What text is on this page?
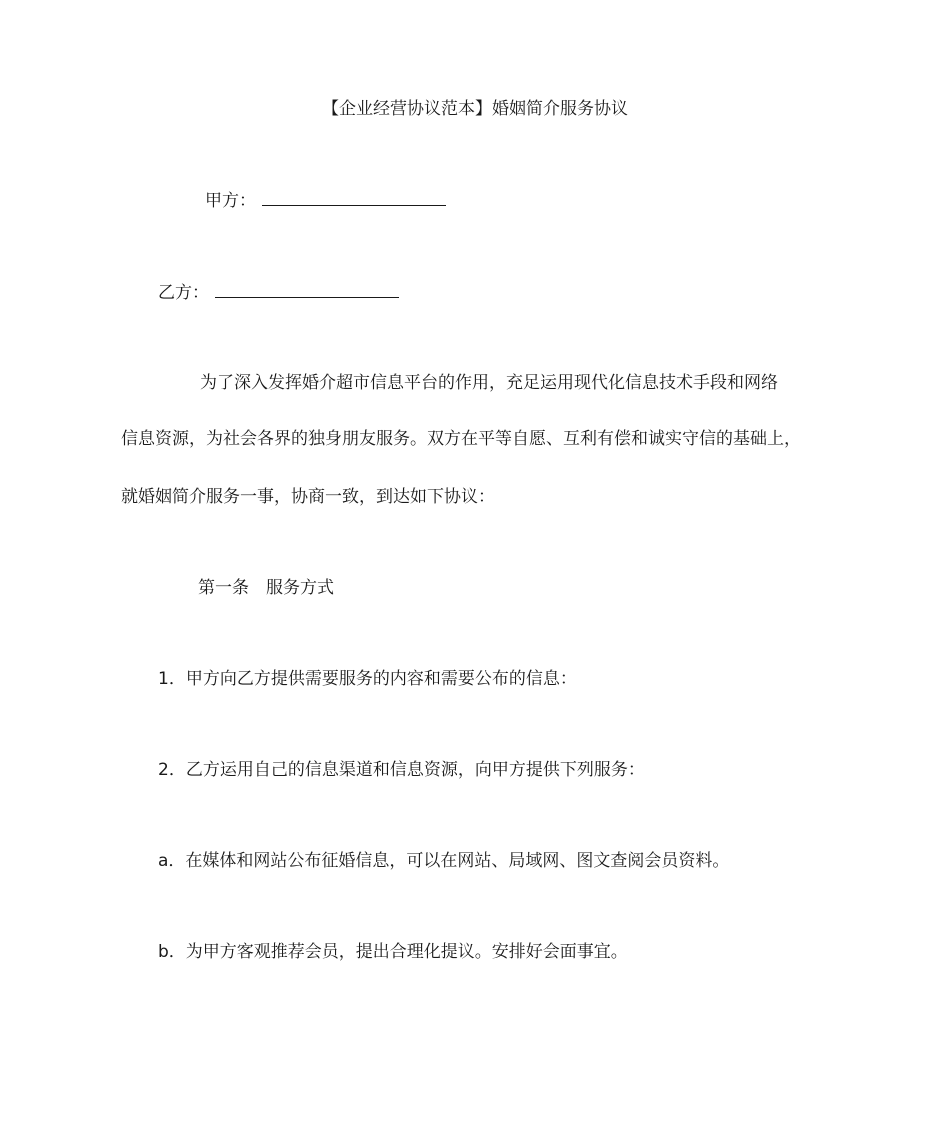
【企业经营协议范本】婚姻简介服务协议
甲方：
乙方：
为了深入发挥婚介超市信息平台的作用，充足运用现代化信息技术手段和网络
信息资源，为社会各界的独身朋友服务。双方在平等自愿、互利有偿和诚实守信的基础上，
就婚姻简介服务一事，协商一致，到达如下协议：
第一条　服务方式
1．甲方向乙方提供需要服务的内容和需要公布的信息：
2．乙方运用自己的信息渠道和信息资源，向甲方提供下列服务：
a．在媒体和网站公布征婚信息，可以在网站、局域网、图文查阅会员资料。
b．为甲方客观推荐会员，提出合理化提议。安排好会面事宜。
